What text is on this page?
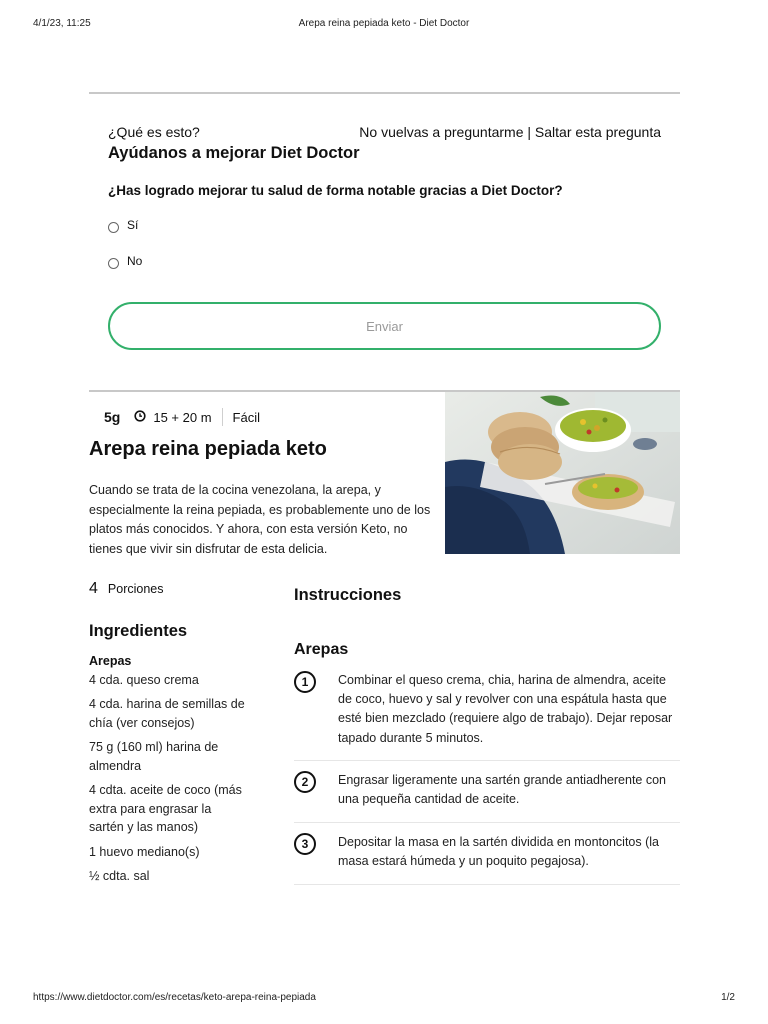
4/1/23, 11:25	Arepa reina pepiada keto - Diet Doctor
¿Qué es esto?	No vuelvas a preguntarme | Saltar esta pregunta
Ayúdanos a mejorar Diet Doctor
¿Has logrado mejorar tu salud de forma notable gracias a Diet Doctor?
Sí
No
Enviar
5g	15 + 20 m Fácil
Arepa reina pepiada keto

Cuando se trata de la cocina venezolana, la arepa, y especialmente la reina pepiada, es probablemente uno de los platos más conocidos. Y ahora, con esta versión Keto, no tienes que vivir sin disfrutar de esta delicia.

4 Porciones
Ingredientes
Arepas
4 cda. queso crema
4 cda. harina de semillas de chía (ver consejos)
75 g (160 ml) harina de almendra
4 cdta. aceite de coco (más extra para engrasar la sartén y las manos)
1 huevo mediano(s)
½ cdta. sal
Instrucciones
Arepas
1	Combinar el queso crema, chia, harina de almendra, aceite de coco, huevo y sal y revolver con una espátula hasta que esté bien mezclado (requiere algo de trabajo). Dejar reposar tapado durante 5 minutos.
2	Engrasar ligeramente una sartén grande antiadherente con una pequeña cantidad de aceite.
3	Depositar la masa en la sartén dividida en montoncitos (la masa estará húmeda y un poquito pegajosa).
https://www.dietdoctor.com/es/recetas/keto-arepa-reina-pepiada	1/2
